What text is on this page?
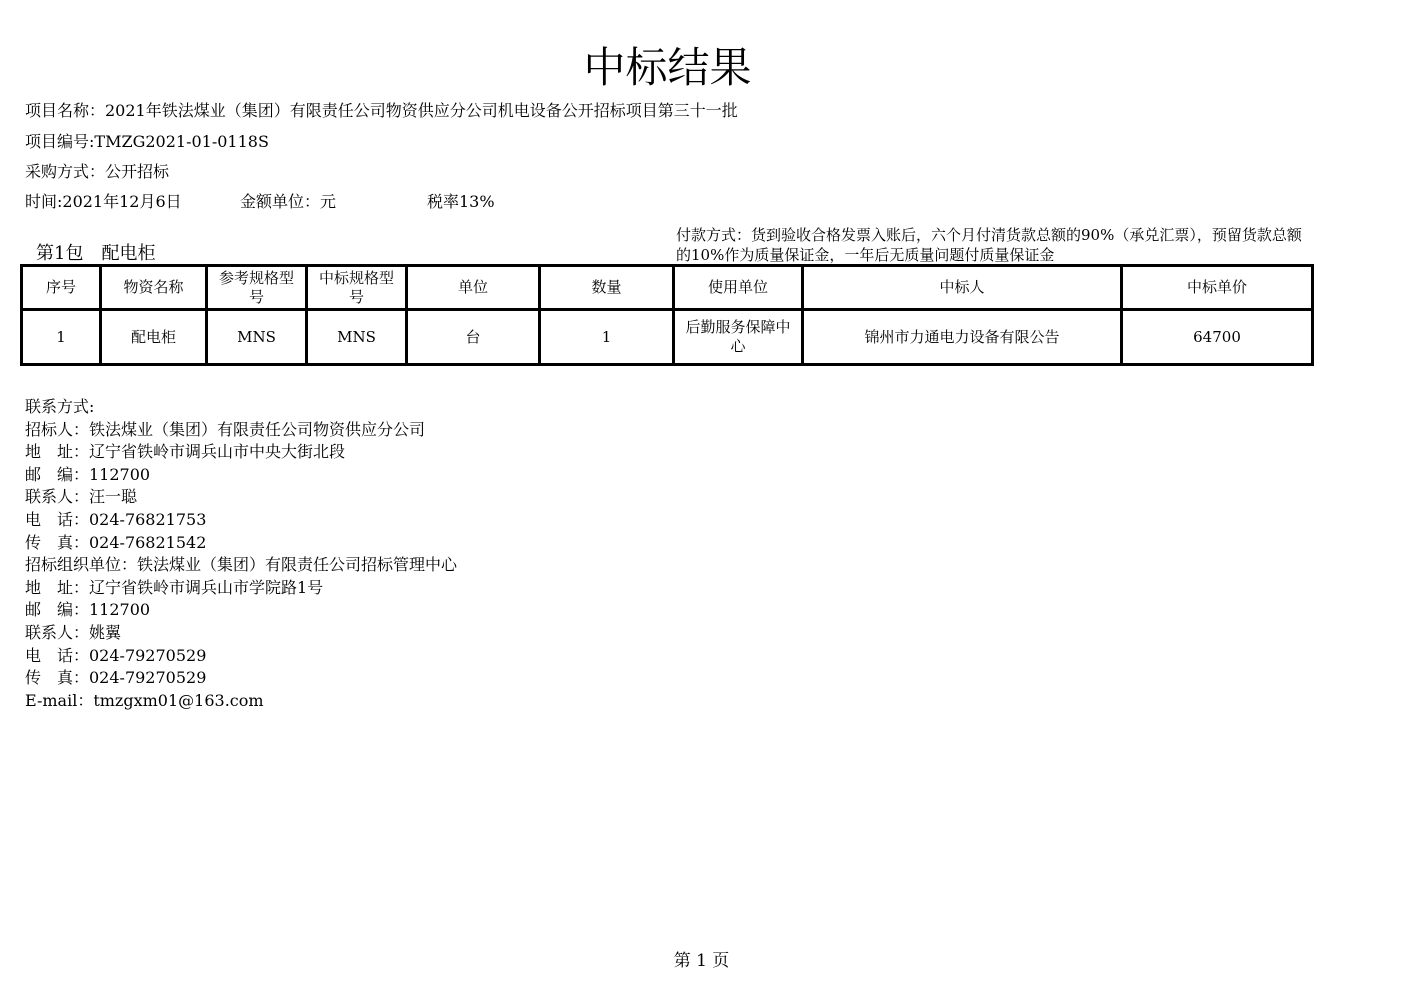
中标结果
项目名称：2021年铁法煤业（集团）有限责任公司物资供应分公司机电设备公开招标项目第三十一批
项目编号:TMZG2021-01-0118S
采购方式：公开招标
时间:2021年12月6日	金额单位：元	税率13%
第1包　配电柜
付款方式：货到验收合格发票入账后，六个月付清货款总额的90%（承兑汇票），预留货款总额的10%作为质量保证金，一年后无质量问题付质量保证金
序号	物资名称	参考规格型号	中标规格型号	单位	数量	使用单位	中标人	中标单价
1	配电柜	MNS	MNS	台	1	后勤服务保障中心	锦州市力通电力设备有限公告	64700
联系方式:
招标人：铁法煤业（集团）有限责任公司物资供应分公司
地　址：辽宁省铁岭市调兵山市中央大街北段
邮　编：112700
联系人：汪一聪
电　话：024-76821753
传　真：024-76821542
招标组织单位：铁法煤业（集团）有限责任公司招标管理中心
地　址：辽宁省铁岭市调兵山市学院路1号
邮　编：112700
联系人：姚翼
电　话：024-79270529
传　真：024-79270529
E-mail：tmzgxm01@163.com
第 1 页
